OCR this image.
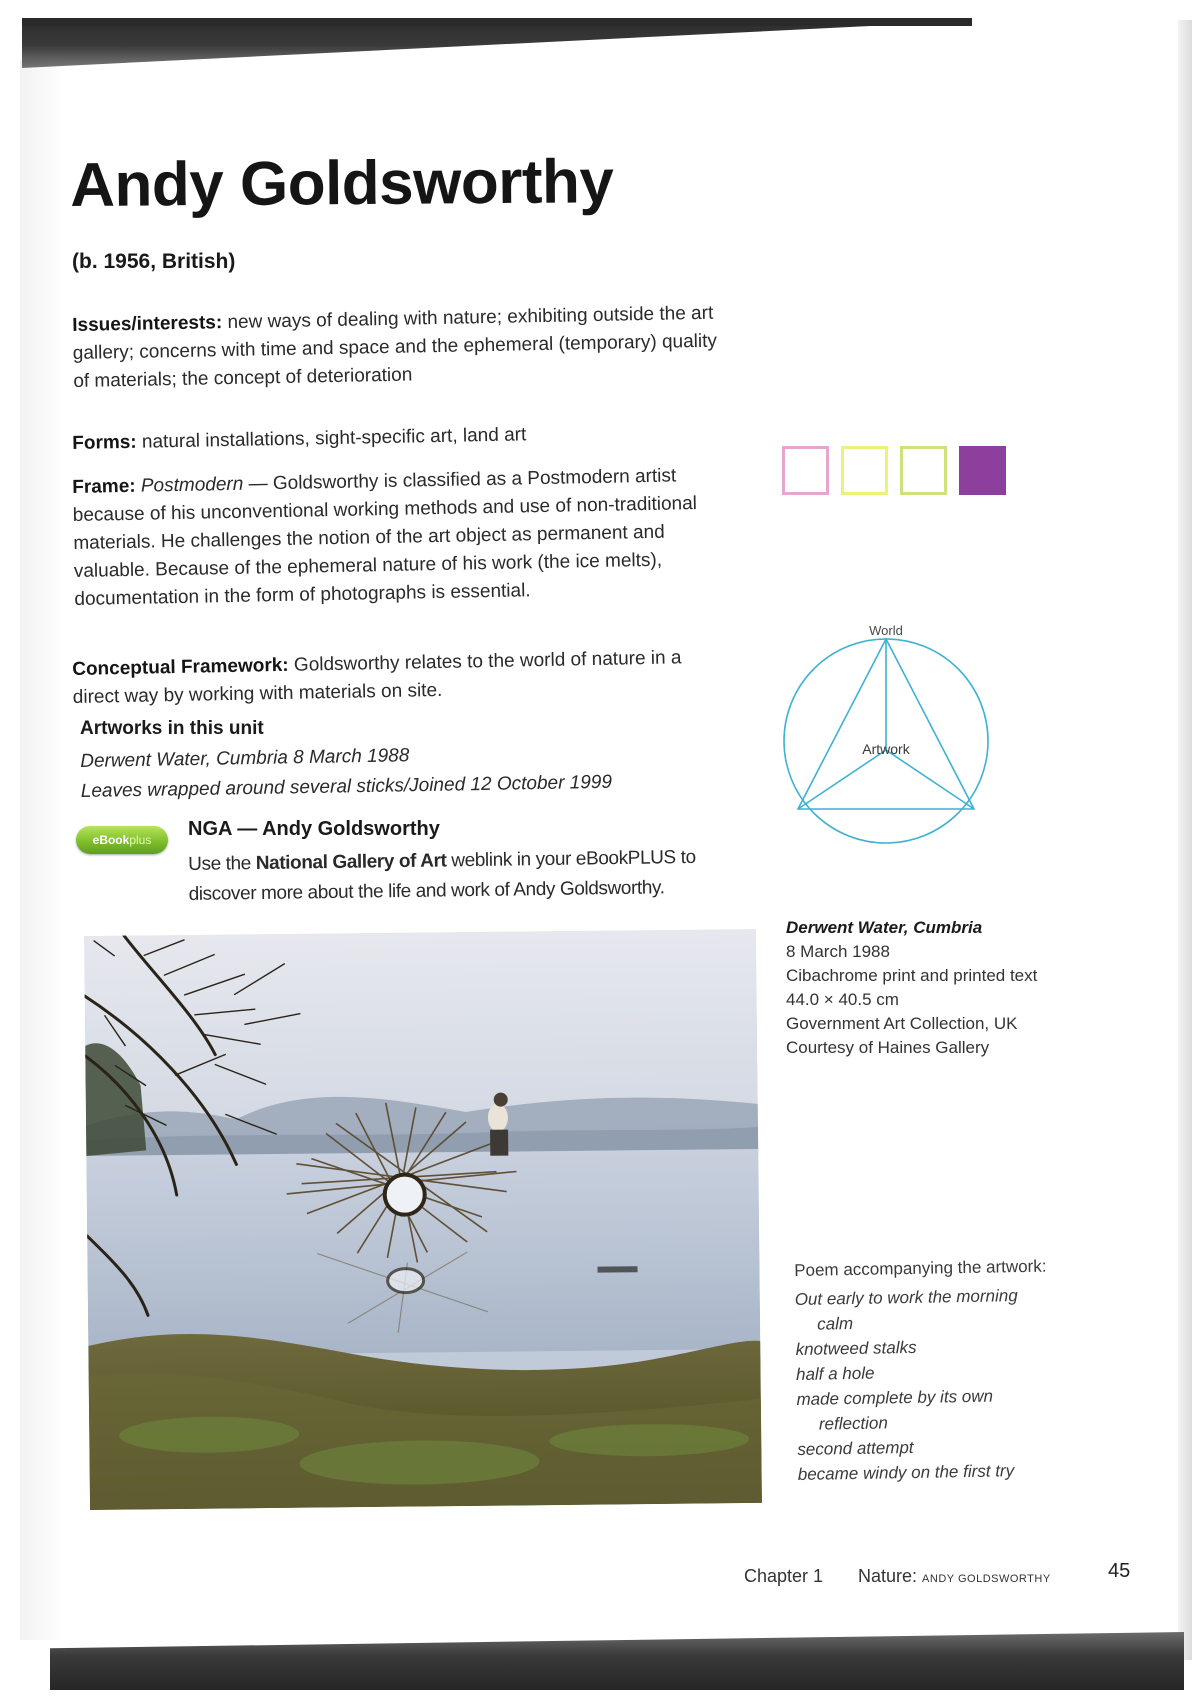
Andy Goldsworthy
(b. 1956, British)
Issues/interests: new ways of dealing with nature; exhibiting outside the art gallery; concerns with time and space and the ephemeral (temporary) quality of materials; the concept of deterioration
Forms: natural installations, sight-specific art, land art
Frame: Postmodern — Goldsworthy is classified as a Postmodern artist because of his unconventional working methods and use of non-traditional materials. He challenges the notion of the art object as permanent and valuable. Because of the ephemeral nature of his work (the ice melts), documentation in the form of photographs is essential.
Conceptual Framework: Goldsworthy relates to the world of nature in a direct way by working with materials on site.
Artworks in this unit
Derwent Water, Cumbria 8 March 1988
Leaves wrapped around several sticks/Joined 12 October 1999
eBookplus	NGA — Andy Goldsworthy
Use the National Gallery of Art weblink in your eBookPLUS to discover more about the life and work of Andy Goldsworthy.
World
Artwork
Derwent Water, Cumbria
8 March 1988
Cibachrome print and printed text
44.0 × 40.5 cm
Government Art Collection, UK
Courtesy of Haines Gallery
Poem accompanying the artwork:
Out early to work the morning
calm
knotweed stalks
half a hole
made complete by its own
reflection
second attempt
became windy on the first try
Chapter 1 Nature: ANDY GOLDSWORTHY	45
